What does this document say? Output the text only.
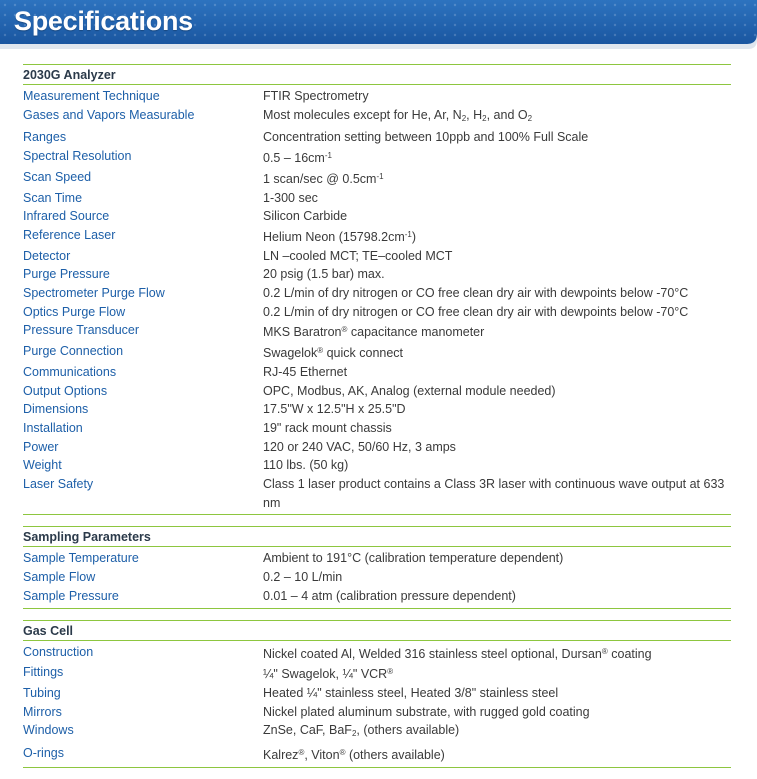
Specifications
2030G Analyzer
Measurement Technique	FTIR Spectrometry
Gases and Vapors Measurable	Most molecules except for He, Ar, $N_2$, $H_2$, and $O_2$
Ranges	Concentration setting between 10ppb and 100% Full Scale
Spectral Resolution	$0.5 - 16cm^{-1}$
Scan Speed	1 scan/sec @ $0.5cm^{-1}$
Scan Time	1-300 sec
Infrared Source	Silicon Carbide
Reference Laser	Helium Neon $(15798.2cm^{-1})$
Detector	LN –cooled MCT; TE–cooled MCT
Purge Pressure	20 psig (1.5 bar) max.
Spectrometer Purge Flow	0.2 L/min of dry nitrogen or CO free clean dry air with dewpoints below -70°C
Optics Purge Flow	0.2 L/min of dry nitrogen or CO free clean dry air with dewpoints below -70°C
Pressure Transducer	MKS Baratron® capacitance manometer
Purge Connection	Swagelok® quick connect
Communications	RJ-45 Ethernet
Output Options	OPC, Modbus, AK, Analog (external module needed)
Dimensions	17.5"W x 12.5"H x 25.5"D
Installation	19" rack mount chassis
Power	120 or 240 VAC, 50/60 Hz, 3 amps
Weight	110 lbs. (50 kg)
Laser Safety	Class 1 laser product contains a Class 3R laser with continuous wave output at 633 nm
Sampling Parameters
Sample Temperature	Ambient to 191°C (calibration temperature dependent)
Sample Flow	0.2 – 10 L/min
Sample Pressure	0.01 – 4 atm (calibration pressure dependent)
Gas Cell
Construction	Nickel coated Al, Welded 316 stainless steel optional, Dursan® coating
Fittings	¼" Swagelok, ¼" VCR®
Tubing	Heated ¼" stainless steel, Heated 3/8" stainless steel
Mirrors	Nickel plated aluminum substrate, with rugged gold coating
Windows	ZnSe, CaF, BaF$_2$, (others available)
O-rings	Kalrez®, Viton® (others available)
